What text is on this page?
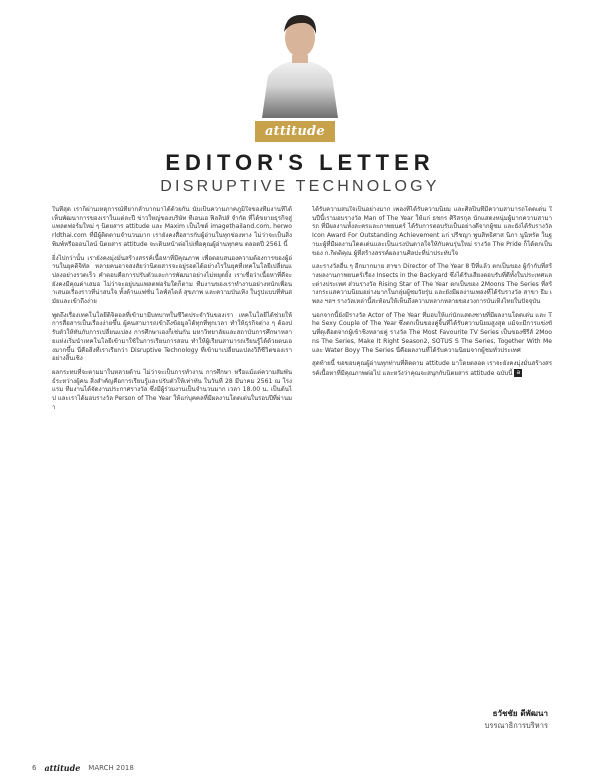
attitude
EDITOR'S LETTER
DISRUPTIVE TECHNOLOGY

ในที่สุด เราก็ผ่านเหตุการณ์ที่ยากลำบากมาได้ด้วยกัน นับเป็นความภาคภูมิใจของทีมงานที่ได้เห็นพัฒนาการของเราในแต่ละปี ข่าวใหญ่ของบริษัท ทีเอนเอ ฟิลลิปส์ จำกัด ที่ได้ขยายธุรกิจสู่แพลตฟอร์มใหม่ ๆ นิตยสาร attitude และ Maxim เป็นไซต์ imagethailand.com, herworldthai.com ที่มีผู้ติดตามจำนวนมาก เรายังคงสื่อสารกับผู้อ่านในทุกช่องทาง ไม่ว่าจะเป็นสิ่งพิมพ์หรือออนไลน์ นิตยสาร attitude จะเดินหน้าต่อไปเพื่อคุณผู้อ่านทุกคน ตลอดปี 2561 นี้

ยิ่งไปกว่านั้น เรายังคงมุ่งมั่นสร้างสรรค์เนื้อหาที่มีคุณภาพ เพื่อตอบสนองความต้องการของผู้อ่านในยุคดิจิทัล หลายคนอาจสงสัยว่านิตยสารจะอยู่รอดได้อย่างไรในยุคที่เทคโนโลยีเปลี่ยนแปลงอย่างรวดเร็ว คำตอบคือการปรับตัวและการพัฒนาอย่างไม่หยุดยั้ง เราเชื่อว่าเนื้อหาที่ดีจะยังคงมีคุณค่าเสมอ ไม่ว่าจะอยู่บนแพลตฟอร์มใดก็ตาม ทีมงานของเราทำงานอย่างหนักเพื่อนำเสนอเรื่องราวที่น่าสนใจ ทั้งด้านแฟชั่น ไลฟ์สไตล์ สุขภาพ และความบันเทิง ในรูปแบบที่ทันสมัยและเข้าถึงง่าย

พูดถึงเรื่องเทคโนโลยีดิจิตอลที่เข้ามามีบทบาทในชีวิตประจำวันของเรา เทคโนโลยีได้ช่วยให้การสื่อสารเป็นเรื่องง่ายขึ้น ผู้คนสามารถเข้าถึงข้อมูลได้ทุกที่ทุกเวลา ทำให้ธุรกิจต่าง ๆ ต้องปรับตัวให้ทันกับการเปลี่ยนแปลง การศึกษาเองก็เช่นกัน มหาวิทยาลัยและสถาบันการศึกษาหลายแห่งเริ่มนำเทคโนโลยีเข้ามาใช้ในการเรียนการสอน ทำให้ผู้เรียนสามารถเรียนรู้ได้ด้วยตนเองมากขึ้น นี่คือสิ่งที่เราเรียกว่า Disruptive Technology ที่เข้ามาเปลี่ยนแปลงวิถีชีวิตของเราอย่างสิ้นเชิง

ผลกระทบที่จะตามมาในหลายด้าน ไม่ว่าจะเป็นการทำงาน การศึกษา หรือแม้แต่ความสัมพันธ์ระหว่างผู้คน สิ่งสำคัญคือการเรียนรู้และปรับตัวให้เท่าทัน ในวันที่ 28 มีนาคม 2561 ณ โรงแรม ทีมงานได้จัดงานประกาศรางวัล ซึ่งมีผู้ร่วมงานเป็นจำนวนมาก เวลา 18.00 น. เป็นต้นไป และเราได้มอบรางวัล Person of The Year ให้แก่บุคคลที่มีผลงานโดดเด่นในรอบปีที่ผ่านมา

ได้รับความสนใจเป็นอย่างมาก เพลงที่ได้รับความนิยม และศิลปินที่มีความสามารถโดดเด่น ในปีนี้เรามอบรางวัล Man of The Year ให้แก่ ธชกร ศิริสรกุล นักแสดงหนุ่มผู้มากความสามารถ ที่มีผลงานทั้งละครและภาพยนตร์ ได้รับการตอบรับเป็นอย่างดีจากผู้ชม และยังได้รับรางวัล Icon Award For Outstanding Achievement แก่ ปรีชญา พูนสิทธิศาส นิภา นูนิทรัต ในฐานะผู้ที่มีผลงานโดดเด่นและเป็นแรงบันดาลใจให้กับคนรุ่นใหม่ รางวัล The Pride ก็ได้ตกเป็นของ ก.กิตติคุณ ผู้ที่สร้างสรรค์ผลงานศิลปะที่น่าประทับใจ

และรางวัลอื่น ๆ อีกมากมาย สาขา Director of The Year 8 ปีที่แล้ว ตกเป็นของ ผู้กำกับที่สร้างผลงานภาพยนตร์เรื่อง Insects in the Backyard ซึ่งได้รับเสียงตอบรับที่ดีทั้งในประเทศและต่างประเทศ ส่วนรางวัล Rising Star of The Year ตกเป็นของ 2Moons The Series ที่สร้างกระแสความนิยมอย่างมากในกลุ่มผู้ชมวัยรุ่น และยังมีผลงานเพลงที่ได้รับรางวัล สาขา ธีม เพลง ฯลฯ รางวัลเหล่านี้สะท้อนให้เห็นถึงความหลากหลายของวงการบันเทิงไทยในปัจจุบัน

นอกจากนี้ยังมีรางวัล Actor of The Year ที่มอบให้แก่นักแสดงชายที่มีผลงานโดดเด่น และ The Sexy Couple of The Year ซึ่งตกเป็นของคู่จิ้นที่ได้รับความนิยมสูงสุด แม้จะมีการแข่งขันที่ดุเดือดจากผู้เข้าชิงหลายคู่ รางวัล The Most Favourite TV Series เป็นของซีรีส์ 2Moons The Series, Make It Right Season2, SOTUS S The Series, Together With Me และ Water Boyy The Series นี่คือผลงานที่ได้รับความนิยมจากผู้ชมทั่วประเทศ

สุดท้ายนี้ ขอขอบคุณผู้อ่านทุกท่านที่ติดตาม attitude มาโดยตลอด เราจะยังคงมุ่งมั่นสร้างสรรค์เนื้อหาที่มีคุณภาพต่อไป และหวังว่าคุณจะสนุกกับนิตยสาร attitude ฉบับนี้ a

ธวัชชัย ดีพัฒนา
บรรณาธิการบริหาร
6 attitude MARCH 2018
